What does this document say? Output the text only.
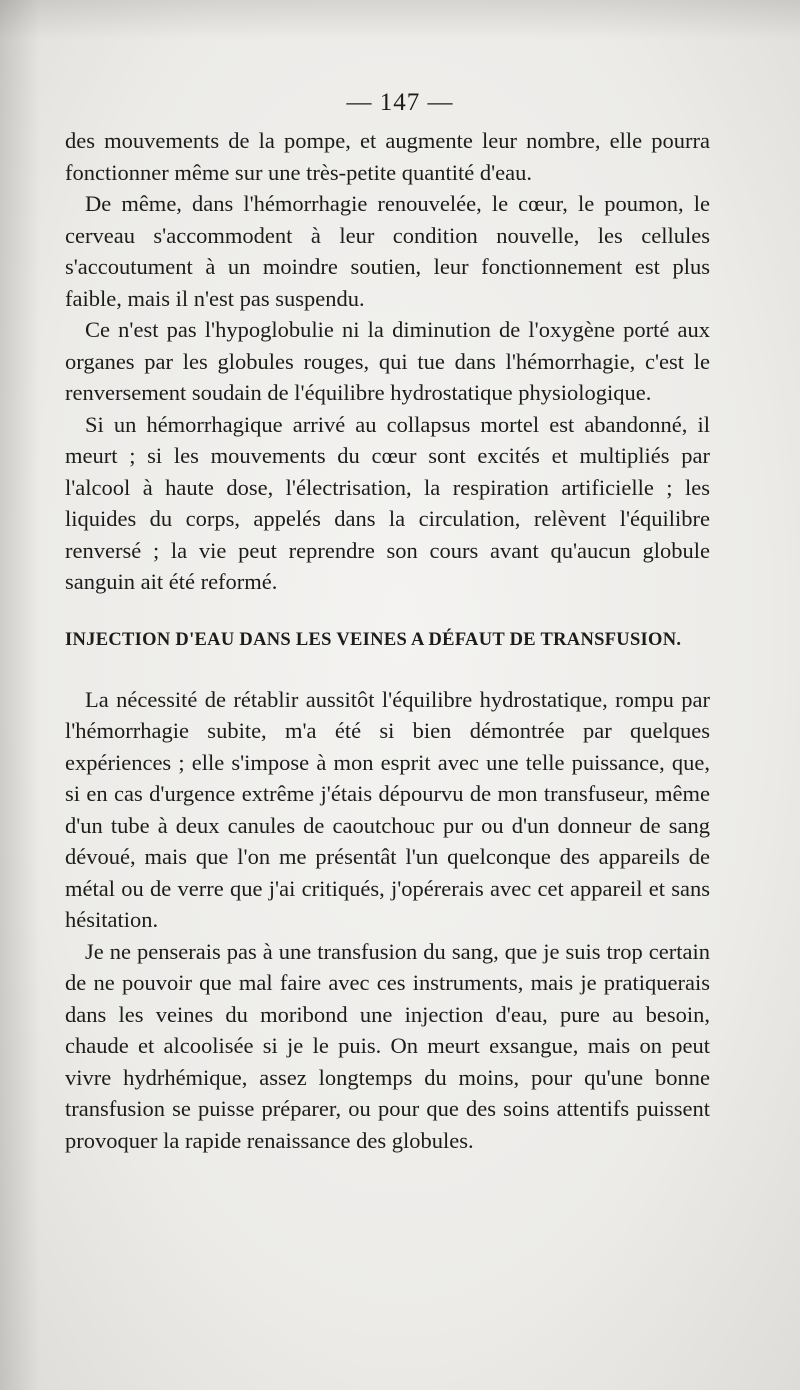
— 147 —

des mouvements de la pompe, et augmente leur nombre, elle pourra fonctionner même sur une très-petite quantité d'eau.

De même, dans l'hémorrhagie renouvelée, le cœur, le poumon, le cerveau s'accommodent à leur condition nouvelle, les cellules s'accoutument à un moindre soutien, leur fonctionnement est plus faible, mais il n'est pas suspendu.

Ce n'est pas l'hypoglobulie ni la diminution de l'oxygène porté aux organes par les globules rouges, qui tue dans l'hémorrhagie, c'est le renversement soudain de l'équilibre hydrostatique physiologique.

Si un hémorrhagique arrivé au collapsus mortel est abandonné, il meurt ; si les mouvements du cœur sont excités et multipliés par l'alcool à haute dose, l'électrisation, la respiration artificielle ; les liquides du corps, appelés dans la circulation, relèvent l'équilibre renversé ; la vie peut reprendre son cours avant qu'aucun globule sanguin ait été reformé.

INJECTION D'EAU DANS LES VEINES A DÉFAUT DE TRANSFUSION.

La nécessité de rétablir aussitôt l'équilibre hydrostatique, rompu par l'hémorrhagie subite, m'a été si bien démontrée par quelques expériences ; elle s'impose à mon esprit avec une telle puissance, que, si en cas d'urgence extrême j'étais dépourvu de mon transfuseur, même d'un tube à deux canules de caoutchouc pur ou d'un donneur de sang dévoué, mais que l'on me présentât l'un quelconque des appareils de métal ou de verre que j'ai critiqués, j'opérerais avec cet appareil et sans hésitation.

Je ne penserais pas à une transfusion du sang, que je suis trop certain de ne pouvoir que mal faire avec ces instruments, mais je pratiquerais dans les veines du moribond une injection d'eau, pure au besoin, chaude et alcoolisée si je le puis. On meurt exsangue, mais on peut vivre hydrhémique, assez longtemps du moins, pour qu'une bonne transfusion se puisse préparer, ou pour que des soins attentifs puissent provoquer la rapide renaissance des globules.
